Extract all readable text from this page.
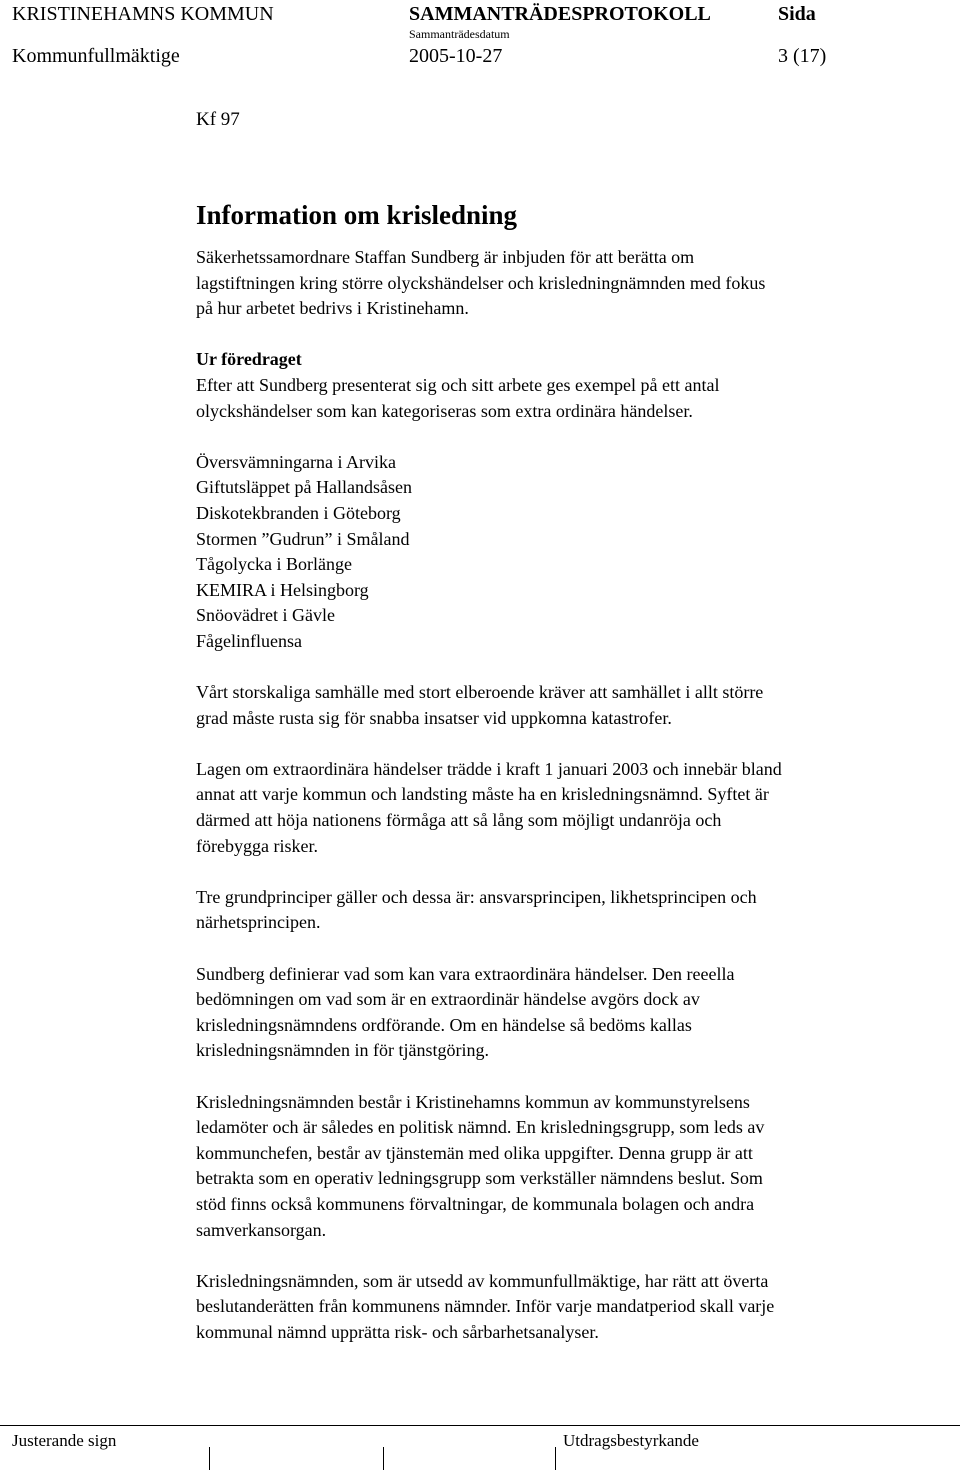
KRISTINEHAMNS KOMMUN	SAMMANTRÄDESPROTOKOLL	Sida
Sammanträdesdatum
Kommunfullmäktige	2005-10-27	3 (17)

Kf 97

Information om krisledning

Säkerhetssamordnare Staffan Sundberg är inbjuden för att berätta om
lagstiftningen kring större olyckshändelser och krisledningnämnden med fokus
på hur arbetet bedrivs i Kristinehamn.

Ur föredraget

Efter att Sundberg presenterat sig och sitt arbete ges exempel på ett antal
olyckshändelser som kan kategoriseras som extra ordinära händelser.

Översvämningarna i Arvika
Giftutsläppet på Hallandsåsen
Diskotekbranden i Göteborg
Stormen ”Gudrun” i Småland
Tågolycka i Borlänge
KEMIRA i Helsingborg
Snöovädret i Gävle
Fågelinfluensa

Vårt storskaliga samhälle med stort elberoende kräver att samhället i allt större
grad måste rusta sig för snabba insatser vid uppkomna katastrofer.

Lagen om extraordinära händelser trädde i kraft 1 januari 2003 och innebär bland
annat att varje kommun och landsting måste ha en krisledningsnämnd. Syftet är
därmed att höja nationens förmåga att så lång som möjligt undanröja och
förebygga risker.

Tre grundprinciper gäller och dessa är: ansvarsprincipen, likhetsprincipen och
närhetsprincipen.

Sundberg definierar vad som kan vara extraordinära händelser. Den reeella
bedömningen om vad som är en extraordinär händelse avgörs dock av
krisledningsnämndens ordförande. Om en händelse så bedöms kallas
krisledningsnämnden in för tjänstgöring.

Krisledningsnämnden består i Kristinehamns kommun av kommunstyrelsens
ledamöter och är således en politisk nämnd. En krisledningsgrupp, som leds av
kommunchefen, består av tjänstemän med olika uppgifter. Denna grupp är att
betrakta som en operativ ledningsgrupp som verkställer nämndens beslut. Som
stöd finns också kommunens förvaltningar, de kommunala bolagen och andra
samverkansorgan.

Krisledningsnämnden, som är utsedd av kommunfullmäktige, har rätt att överta
beslutanderätten från kommunens nämnder. Inför varje mandatperiod skall varje
kommunal nämnd upprätta risk- och sårbarhetsanalyser.

Justerande sign	Utdragsbestyrkande
